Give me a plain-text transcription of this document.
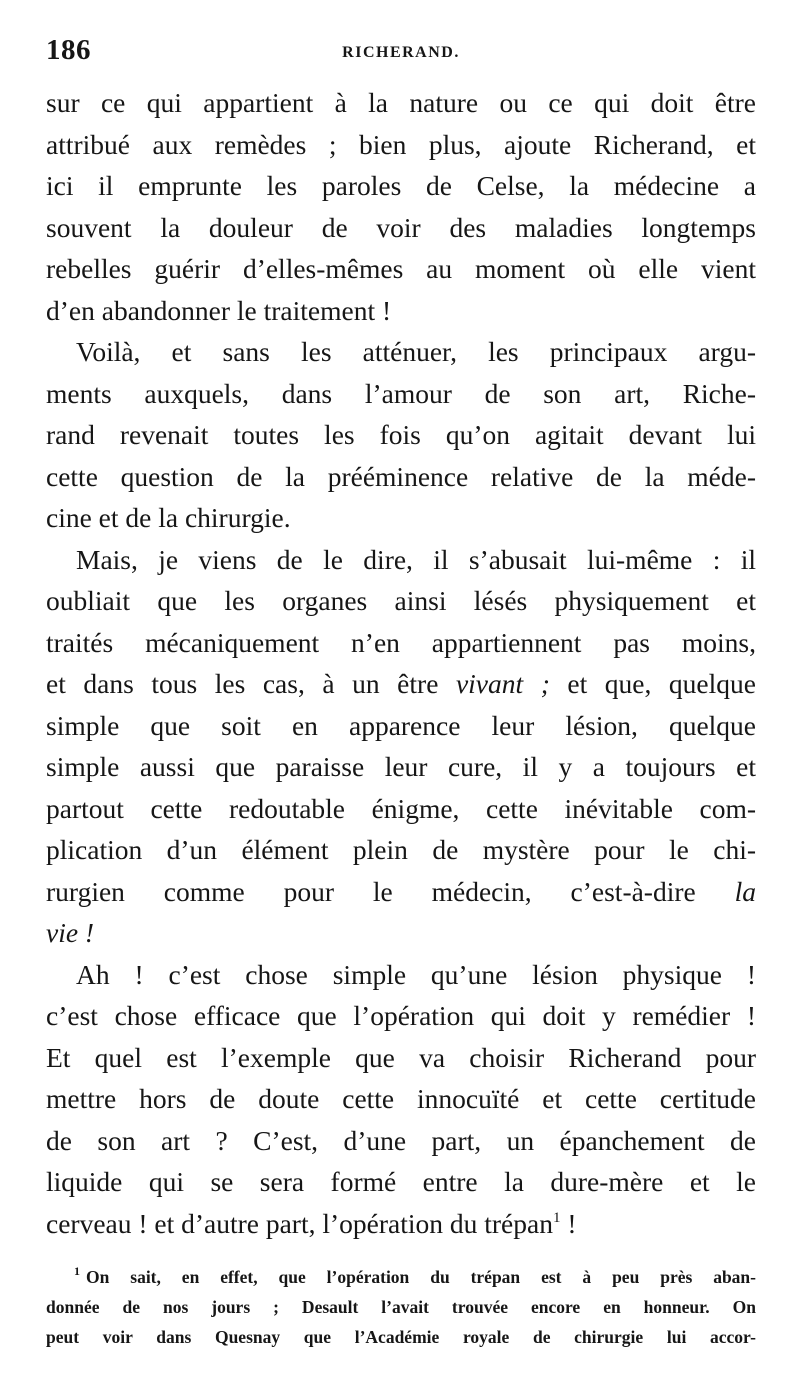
186	RICHERAND.

sur ce qui appartient à la nature ou ce qui doit être
attribué aux remèdes ; bien plus, ajoute Richerand, et
ici il emprunte les paroles de Celse, la médecine a
souvent la douleur de voir des maladies longtemps
rebelles guérir d’elles-mêmes au moment où elle vient
d’en abandonner le traitement !

Voilà, et sans les atténuer, les principaux argu-
ments auxquels, dans l’amour de son art, Riche-
rand revenait toutes les fois qu’on agitait devant lui
cette question de la prééminence relative de la méde-
cine et de la chirurgie.

Mais, je viens de le dire, il s’abusait lui-même : il
oubliait que les organes ainsi lésés physiquement et
traités mécaniquement n’en appartiennent pas moins,
et dans tous les cas, à un être vivant ; et que, quelque
simple que soit en apparence leur lésion, quelque
simple aussi que paraisse leur cure, il y a toujours et
partout cette redoutable énigme, cette inévitable com-
plication d’un élément plein de mystère pour le chi-
rurgien comme pour le médecin, c’est-à-dire la
vie !

Ah ! c’est chose simple qu’une lésion physique !
c’est chose efficace que l’opération qui doit y remédier !
Et quel est l’exemple que va choisir Richerand pour
mettre hors de doute cette innocuïté et cette certitude
de son art ? C’est, d’une part, un épanchement de
liquide qui se sera formé entre la dure-mère et le
cerveau ! et d’autre part, l’opération du trépan$^1$ !

$^1$ On sait, en effet, que l’opération du trépan est à peu près aban-
donnée de nos jours ; Desault l’avait trouvée encore en honneur. On
peut voir dans Quesnay que l’Académie royale de chirurgie lui accor-
